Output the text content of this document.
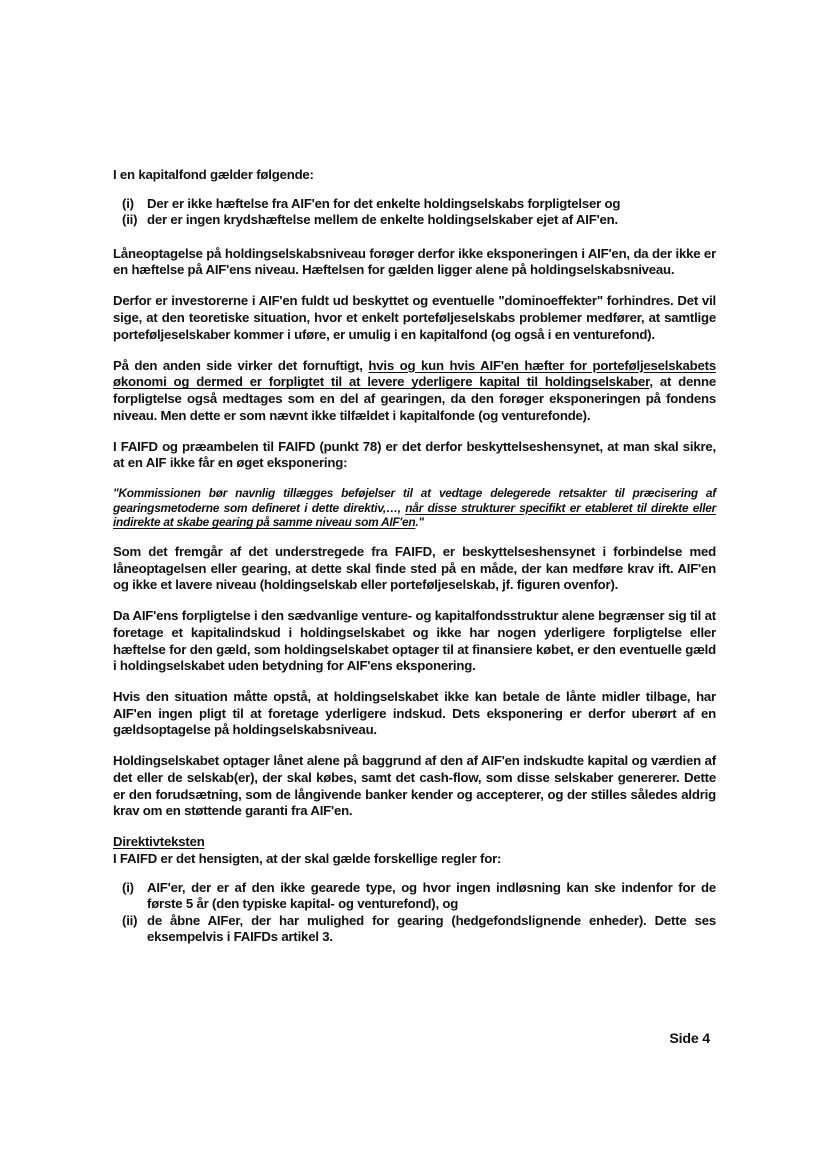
I en kapitalfond gælder følgende:

(i) Der er ikke hæftelse fra AIF'en for det enkelte holdingselskabs forpligtelser og
(ii) der er ingen krydshæftelse mellem de enkelte holdingselskaber ejet af AIF'en.

Låneoptagelse på holdingselskabsniveau forøger derfor ikke eksponeringen i AIF'en, da der ikke er en hæftelse på AIF'ens niveau. Hæftelsen for gælden ligger alene på holdingselskabsniveau.

Derfor er investorerne i AIF'en fuldt ud beskyttet og eventuelle "dominoeffekter" forhindres. Det vil sige, at den teoretiske situation, hvor et enkelt porteføljeselskabs problemer medfører, at samtlige porteføljeselskaber kommer i uføre, er umulig i en kapitalfond (og også i en venturefond).

På den anden side virker det fornuftigt, hvis og kun hvis AIF'en hæfter for porteføljeselskabets økonomi og dermed er forpligtet til at levere yderligere kapital til holdingselskaber, at denne forpligtelse også medtages som en del af gearingen, da den forøger eksponeringen på fondens niveau. Men dette er som nævnt ikke tilfældet i kapitalfonde (og venturefonde).

I FAIFD og præambelen til FAIFD (punkt 78) er det derfor beskyttelseshensynet, at man skal sikre, at en AIF ikke får en øget eksponering:

"Kommissionen bør navnlig tillægges beføjelser til at vedtage delegerede retsakter til præcisering af gearingsmetoderne som defineret i dette direktiv,…, når disse strukturer specifikt er etableret til direkte eller indirekte at skabe gearing på samme niveau som AIF'en."

Som det fremgår af det understregede fra FAIFD, er beskyttelseshensynet i forbindelse med låneoptagelsen eller gearing, at dette skal finde sted på en måde, der kan medføre krav ift. AIF'en og ikke et lavere niveau (holdingselskab eller porteføljeselskab, jf. figuren ovenfor).

Da AIF'ens forpligtelse i den sædvanlige venture- og kapitalfondsstruktur alene begrænser sig til at foretage et kapitalindskud i holdingselskabet og ikke har nogen yderligere forpligtelse eller hæftelse for den gæld, som holdingselskabet optager til at finansiere købet, er den eventuelle gæld i holdingselskabet uden betydning for AIF'ens eksponering.

Hvis den situation måtte opstå, at holdingselskabet ikke kan betale de lånte midler tilbage, har AIF'en ingen pligt til at foretage yderligere indskud. Dets eksponering er derfor uberørt af en gældsoptagelse på holdingselskabsniveau.

Holdingselskabet optager lånet alene på baggrund af den af AIF'en indskudte kapital og værdien af det eller de selskab(er), der skal købes, samt det cash-flow, som disse selskaber genererer. Dette er den forudsætning, som de långivende banker kender og accepterer, og der stilles således aldrig krav om en støttende garanti fra AIF'en.

Direktivteksten

I FAIFD er det hensigten, at der skal gælde forskellige regler for:

(i) AIF'er, der er af den ikke gearede type, og hvor ingen indløsning kan ske indenfor for de første 5 år (den typiske kapital- og venturefond), og
(ii) de åbne AIFer, der har mulighed for gearing (hedgefondslignende enheder). Dette ses eksempelvis i FAIFDs artikel 3.
Side 4
